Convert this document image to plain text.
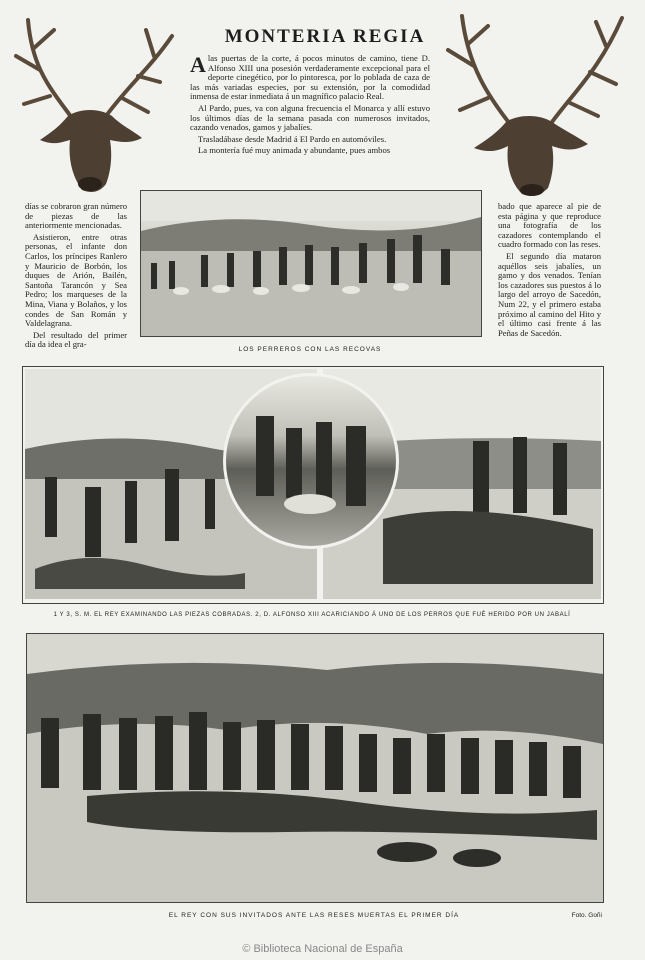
MONTERIA REGIA

Alas puertas de la corte, á pocos minutos de camino, tiene D. Alfonso XIII una posesión verdaderamente excepcional para el deporte cinegético, por lo pintoresca, por lo poblada de caza de las más variadas especies, por su extensión, por la comodidad inmensa de estar inmediata á un magnífico palacio Real.

Al Pardo, pues, va con alguna frecuencia el Monarca y allí estuvo los últimos días de la semana pasada con numerosos invitados, cazando venados, gamos y jabalíes.

Trasladábase desde Madrid á El Pardo en automóviles.

La montería fué muy animada y abundante, pues ambos

días se cobraron gran número de piezas de las anteriormente mencionadas.

Asistieron, entre otras personas, el infante don Carlos, los príncipes Ranlero y Mauricio de Borbón, los duques de Arión, Bailén, Santoña Tarancón y Sea Pedro; los marqueses de la Mina, Viana y Bolaños, y los condes de San Román y Valdelagrana.

Del resultado del primer día da idea el gra-

bado que aparece al pie de esta página y que reproduce una fotografía de los cazadores contemplando el cuadro formado con las reses.

El segundo día mataron aquéllos seis jabalíes, un gamo y dos venados. Tenían los cazadores sus puestos á lo largo del arroyo de Sacedón, Num 22, y el primero estaba próximo al camino del Hito y el último casi frente á las Peñas de Sacedón.

LOS PERREROS CON LAS RECOVAS
1 Y 3, S. M. EL REY EXAMINANDO LAS PIEZAS COBRADAS. 2, D. ALFONSO XIII ACARICIANDO Á UNO DE LOS PERROS QUE FUÉ HERIDO POR UN JABALÍ
EL REY CON SUS INVITADOS ANTE LAS RESES MUERTAS EL PRIMER DÍA	Foto. Goñi
© Biblioteca Nacional de España
